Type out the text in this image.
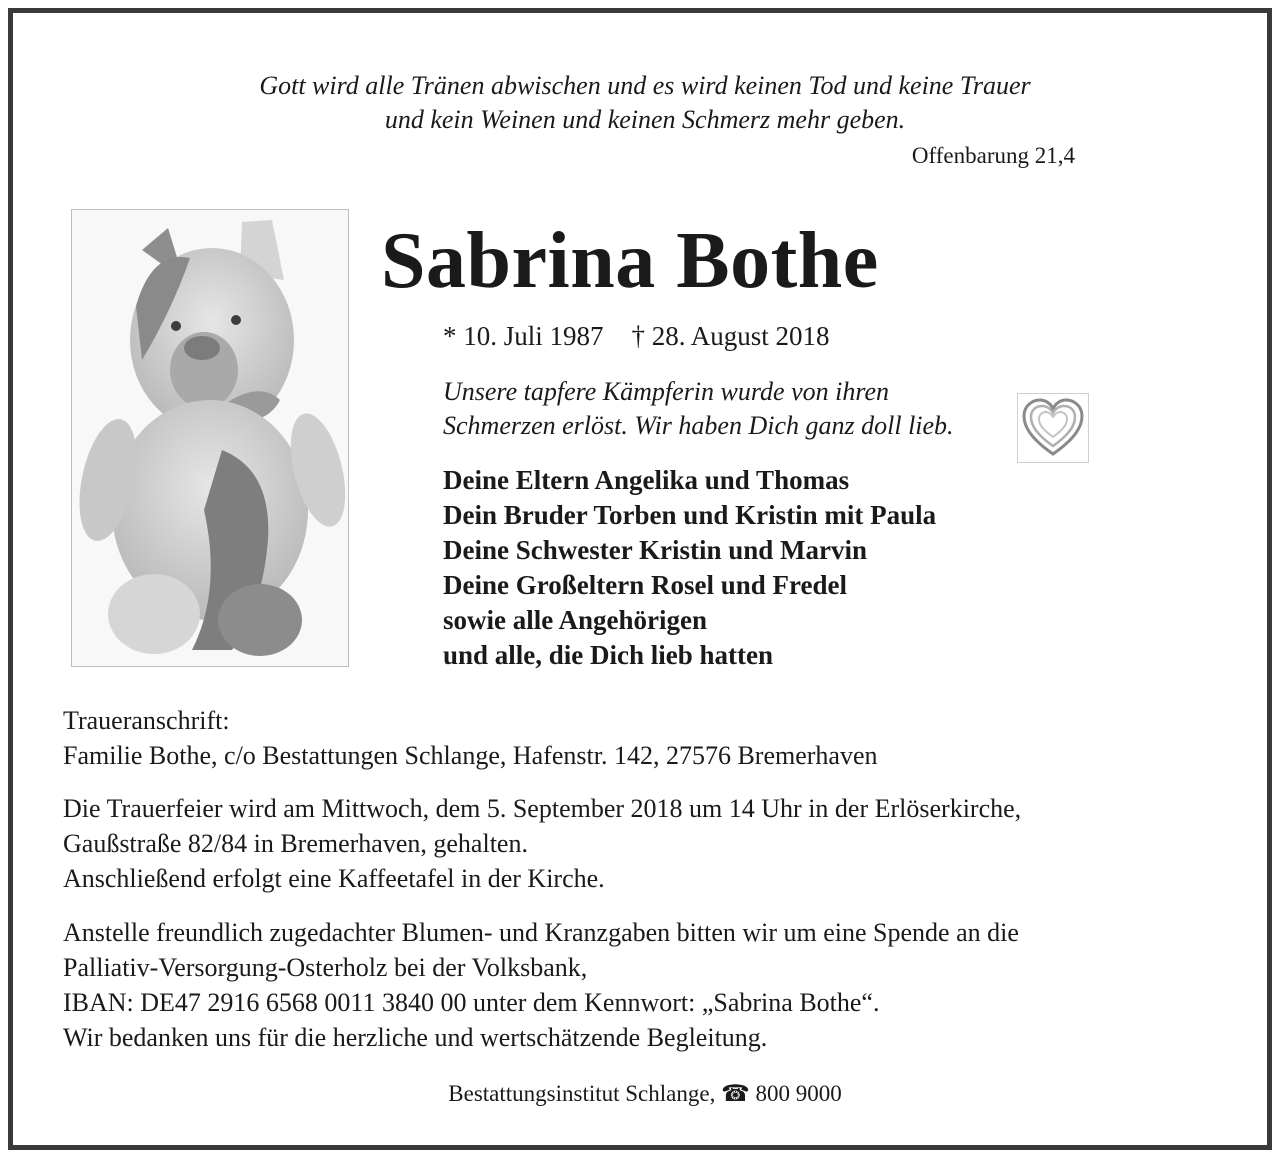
Gott wird alle Tränen abwischen und es wird keinen Tod und keine Trauer
und kein Weinen und keinen Schmerz mehr geben.
Offenbarung 21,4
Sabrina Bothe
* 10. Juli 1987 † 28. August 2018
Unsere tapfere Kämpferin wurde von ihren
Schmerzen erlöst. Wir haben Dich ganz doll lieb.
Deine Eltern Angelika und Thomas
Dein Bruder Torben und Kristin mit Paula
Deine Schwester Kristin und Marvin
Deine Großeltern Rosel und Fredel
sowie alle Angehörigen
und alle, die Dich lieb hatten
Traueranschrift:
Familie Bothe, c/o Bestattungen Schlange, Hafenstr. 142, 27576 Bremerhaven
Die Trauerfeier wird am Mittwoch, dem 5. September 2018 um 14 Uhr in der Erlöserkirche,
Gaußstraße 82/84 in Bremerhaven, gehalten.
Anschließend erfolgt eine Kaffeetafel in der Kirche.
Anstelle freundlich zugedachter Blumen- und Kranzgaben bitten wir um eine Spende an die
Palliativ-Versorgung-Osterholz bei der Volksbank,
IBAN: DE47 2916 6568 0011 3840 00 unter dem Kennwort: „Sabrina Bothe“.
Wir bedanken uns für die herzliche und wertschätzende Begleitung.
Bestattungsinstitut Schlange, ☎ 800 9000
